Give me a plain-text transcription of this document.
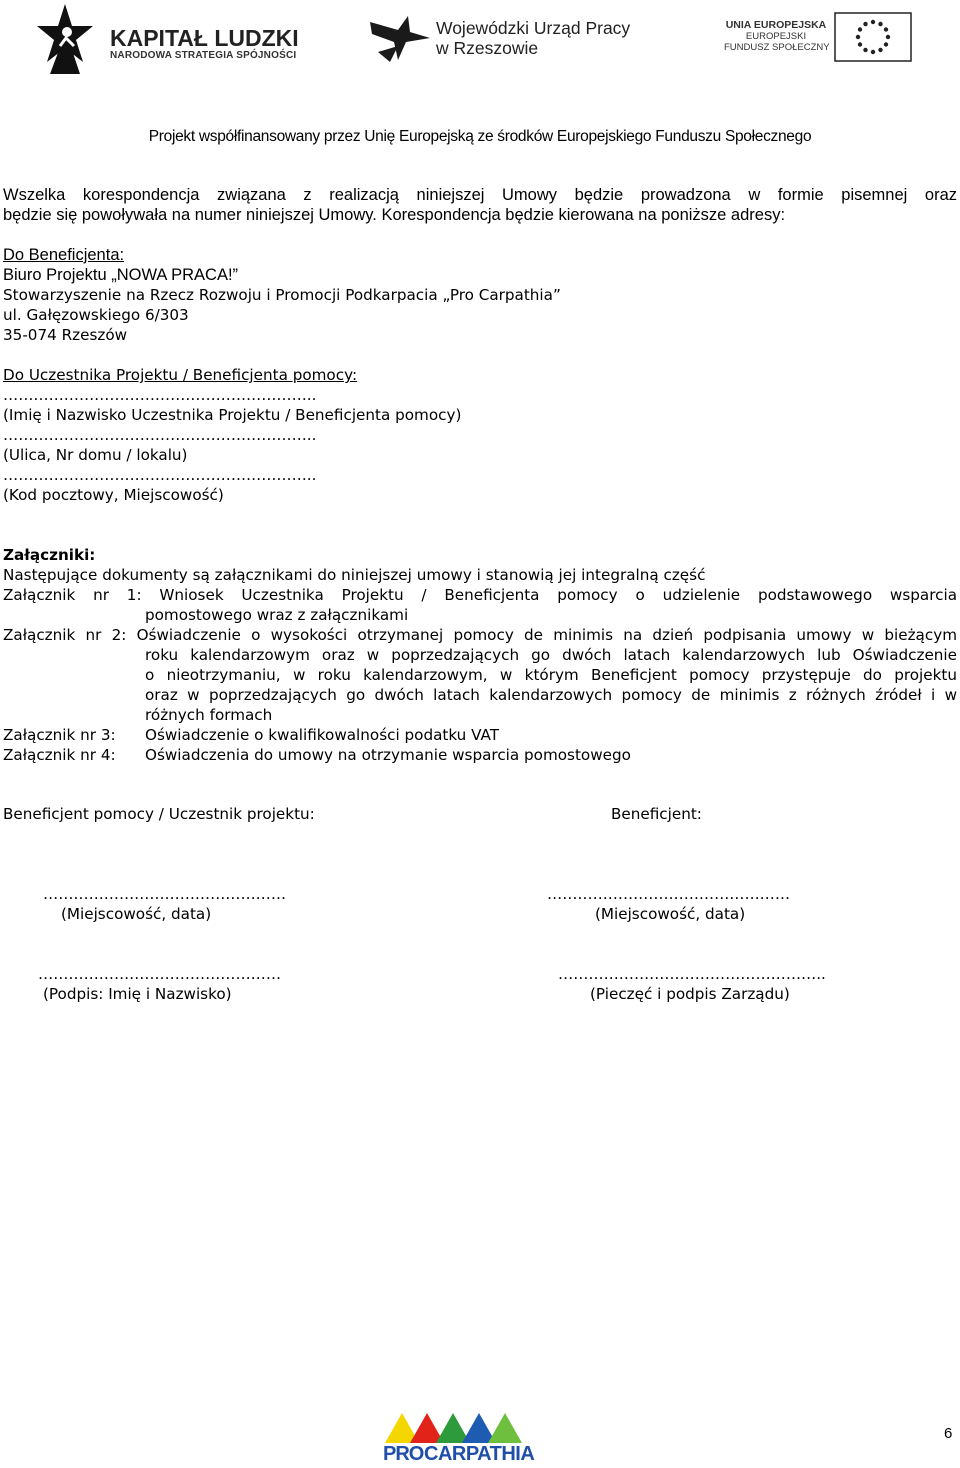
KAPITAŁ LUDZKI
NARODOWA STRATEGIA SPÓJNOŚCI
Wojewódzki Urząd Pracy
w Rzeszowie
UNIA EUROPEJSKA
EUROPEJSKI
FUNDUSZ SPOŁECZNY
Projekt współfinansowany przez Unię Europejską ze środków Europejskiego Funduszu Społecznego
Wszelka korespondencja związana z realizacją niniejszej Umowy będzie prowadzona w formie pisemnej oraz
będzie się powoływała na numer niniejszej Umowy. Korespondencja będzie kierowana na poniższe adresy:
Do Beneficjenta:
Biuro Projektu „NOWA PRACA!”
Stowarzyszenie na Rzecz Rozwoju i Promocji Podkarpacia „Pro Carpathia”
ul. Gałęzowskiego 6/303
35-074 Rzeszów
Do Uczestnika Projektu / Beneficjenta pomocy:
……………………………………………………..
(Imię i Nazwisko Uczestnika Projektu / Beneficjenta pomocy)
……………………………………………………..
(Ulica, Nr domu / lokalu)
……………………………………………………..
(Kod pocztowy, Miejscowość)
Załączniki:
Następujące dokumenty są załącznikami do niniejszej umowy i stanowią jej integralną część
Załącznik nr 1: Wniosek Uczestnika Projektu / Beneficjenta pomocy o udzielenie podstawowego wsparcia
pomostowego wraz z załącznikami
Załącznik nr 2: Oświadczenie o wysokości otrzymanej pomocy de minimis na dzień podpisania umowy w bieżącym
roku kalendarzowym oraz w poprzedzających go dwóch latach kalendarzowych lub Oświadczenie
o nieotrzymaniu, w roku kalendarzowym, w którym Beneficjent pomocy przystępuje do projektu
oraz w poprzedzających go dwóch latach kalendarzowych pomocy de minimis z różnych źródeł i w
różnych formach
Załącznik nr 3: Oświadczenie o kwalifikowalności podatku VAT
Załącznik nr 4: Oświadczenia do umowy na otrzymanie wsparcia pomostowego
Beneficjent pomocy / Uczestnik projektu:	Beneficjent:
…………………………………………	…………………………………………
(Miejscowość, data)	(Miejscowość, data)
…………………………………………	……………………………………………..
(Podpis: Imię i Nazwisko)	(Pieczęć i podpis Zarządu)
PRO CARPATHIA
6
